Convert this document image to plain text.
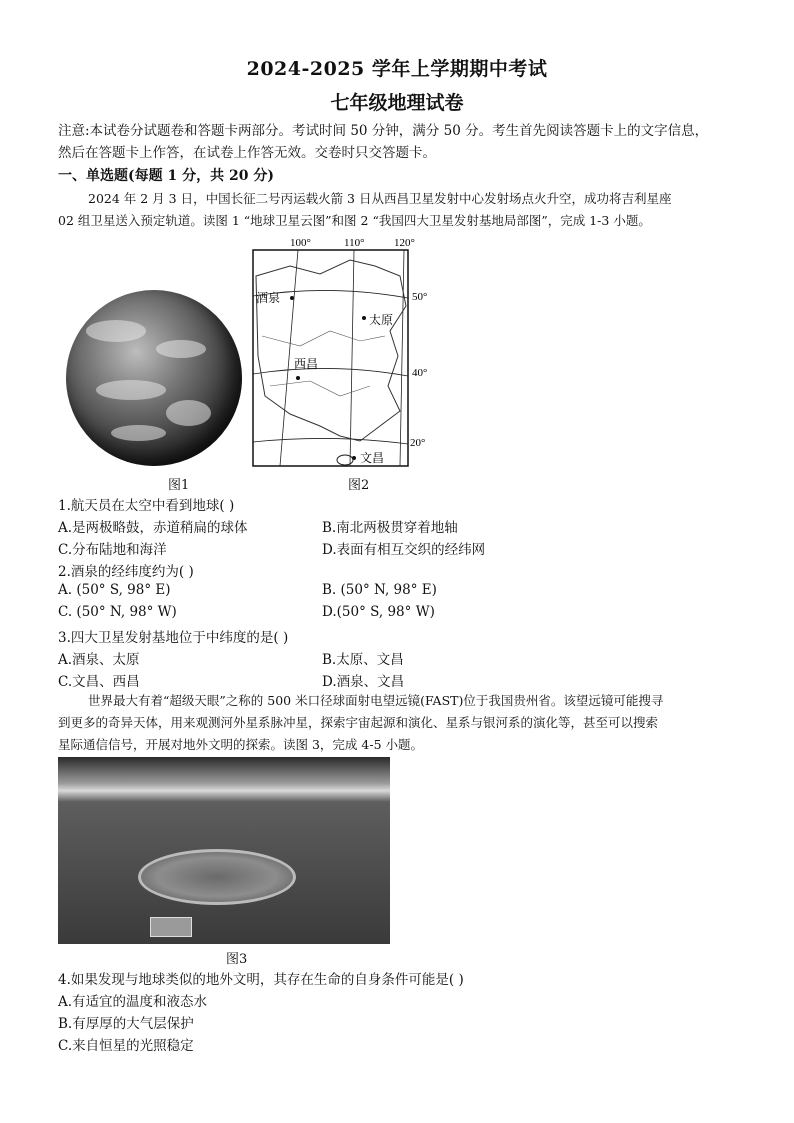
2024-2025 学年上学期期中考试
七年级地理试卷
注意:本试卷分试题卷和答题卡两部分。考试时间 50 分钟，满分 50 分。考生首先阅读答题卡上的文字信息，
然后在答题卡上作答，在试卷上作答无效。交卷时只交答题卡。
一、单选题(每题 1 分，共 20 分)
2024 年 2 月 3 日，中国长征二号丙运载火箭 3 日从西昌卫星发射中心发射场点火升空，成功将吉利星座
02 组卫星送入预定轨道。读图 1 “地球卫星云图”和图 2 “我国四大卫星发射基地局部图”，完成 1-3 小题。
图1
100°	110°	120°
50°
40°
20°
酒泉
太原
西昌
文昌
图2
1.航天员在太空中看到地球( )
A.是两极略鼓，赤道稍扁的球体	B.南北两极贯穿着地轴
C.分布陆地和海洋	D.表面有相互交织的经纬网
2.酒泉的经纬度约为( )
A. (50° S, 98° E)	B. (50° N, 98° E)
C. (50° N, 98° W)	D.(50° S, 98° W)
3.四大卫星发射基地位于中纬度的是( )
A.酒泉、太原	B.太原、文昌
C.文昌、西昌	D.酒泉、文昌
世界最大有着“超级天眼”之称的 500 米口径球面射电望远镜(FAST)位于我国贵州省。该望远镜可能搜寻
到更多的奇异天体，用来观测河外星系脉冲星，探索宇宙起源和演化、星系与银河系的演化等，甚至可以搜索
星际通信信号，开展对地外文明的探索。读图 3，完成 4-5 小题。
图3
4.如果发现与地球类似的地外文明，其存在生命的自身条件可能是( )
A.有适宜的温度和液态水
B.有厚厚的大气层保护
C.来自恒星的光照稳定
